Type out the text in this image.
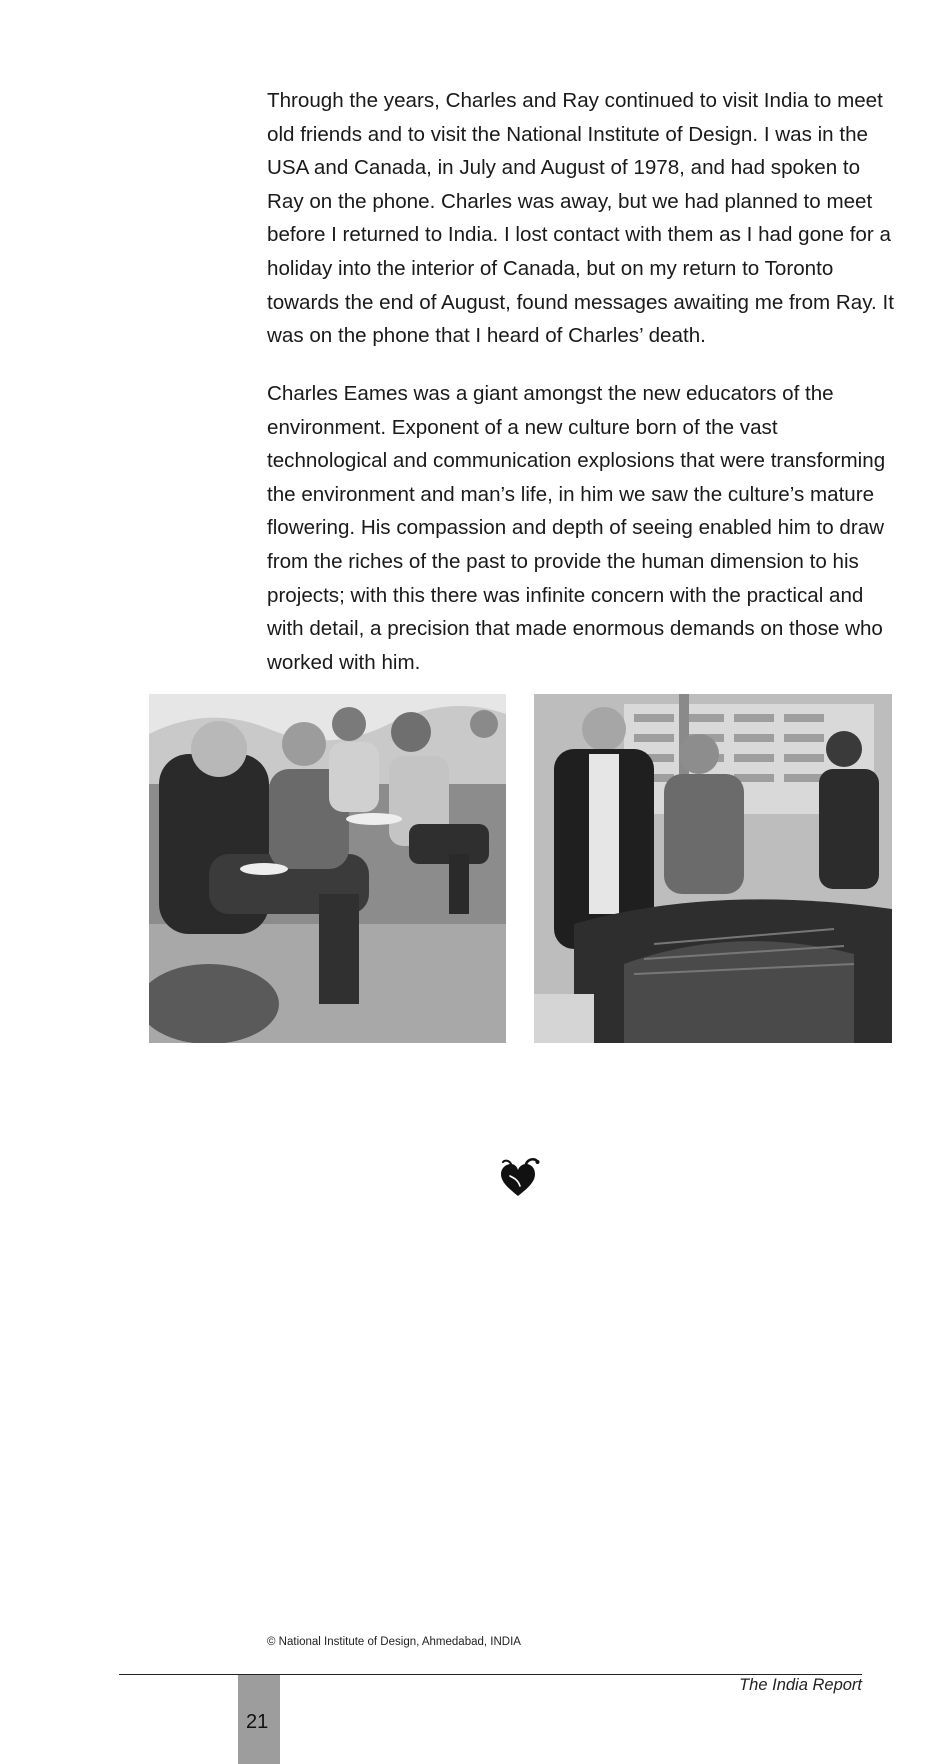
Through the years, Charles and Ray continued to visit India to meet old friends and to visit the National Institute of Design. I was in the USA and Canada, in July and August of 1978, and had spoken to Ray on the phone. Charles was away, but we had planned to meet before I returned to India. I lost contact with them as I had gone for a holiday into the interior of Canada, but on my return to Toronto towards the end of August, found messages awaiting me from Ray. It was on the phone that I heard of Charles’ death.

Charles Eames was a giant amongst the new educators of the environment. Exponent of a new culture born of the vast technological and communication explosions that were transforming the environment and man’s life, in him we saw the culture’s mature flowering. His compassion and depth of seeing enabled him to draw from the riches of the past to provide the human dimension to his projects; with this there was infinite concern with the practical and with detail, a precision that made enormous demands on those who worked with him.

© National Institute of Design, Ahmedabad, INDIA
The India Report
21
